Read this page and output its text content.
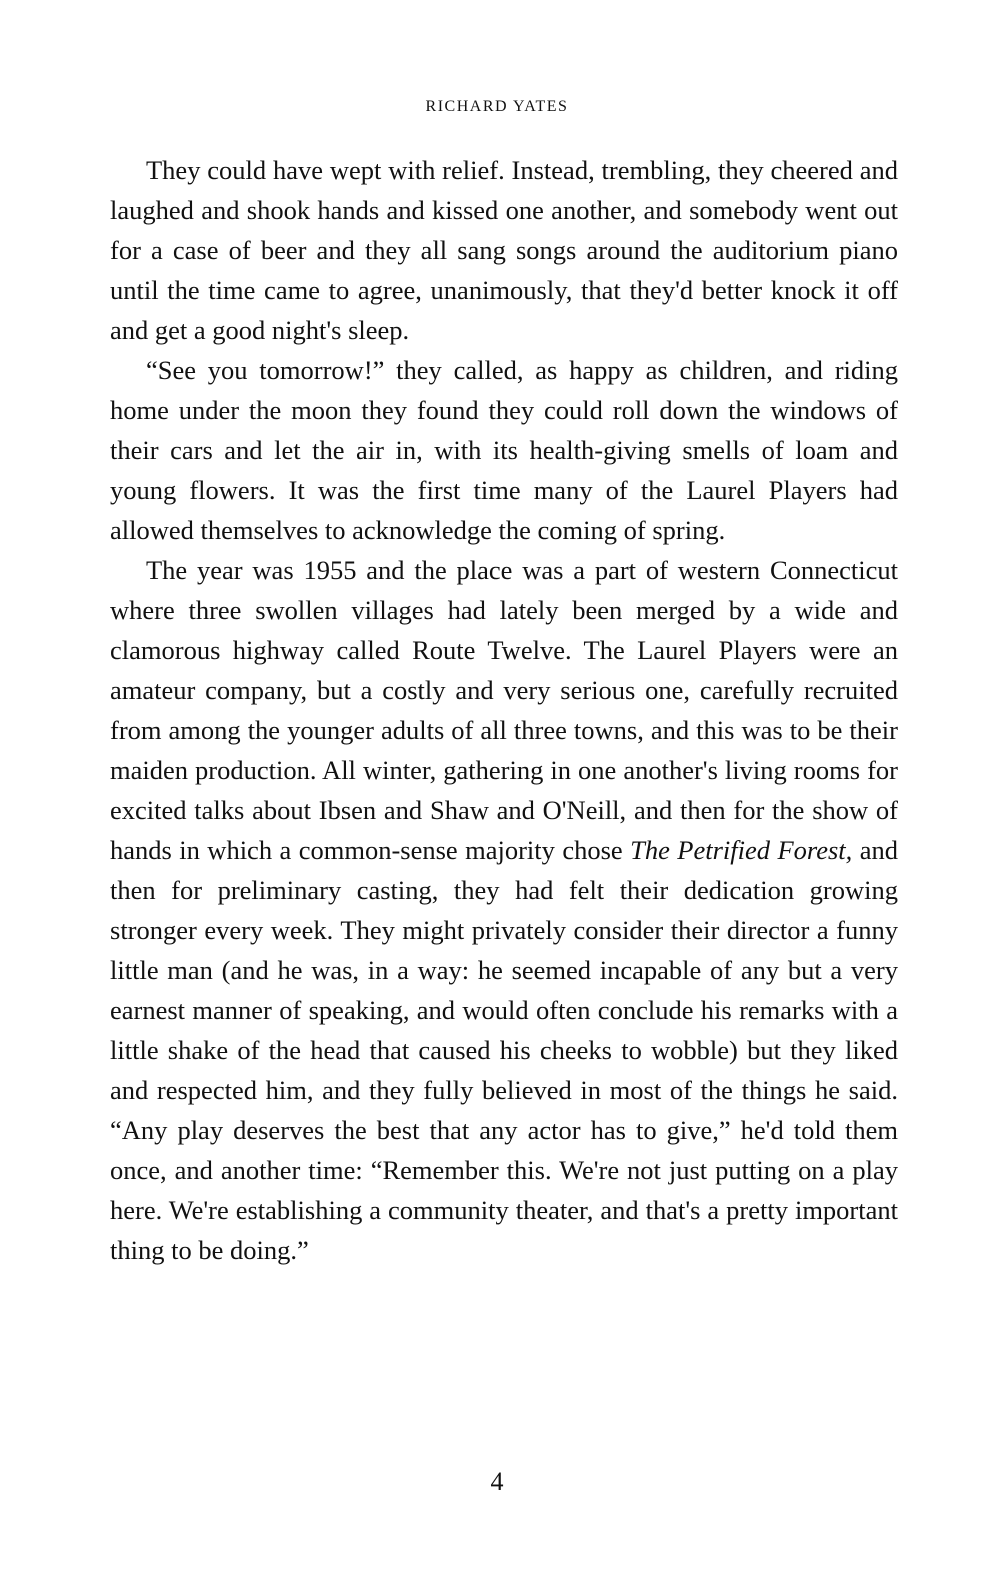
RICHARD YATES

They could have wept with relief. Instead, trembling, they cheered and laughed and shook hands and kissed one another, and somebody went out for a case of beer and they all sang songs around the auditorium piano until the time came to agree, unanimously, that they'd better knock it off and get a good night's sleep.

“See you tomorrow!” they called, as happy as children, and riding home under the moon they found they could roll down the windows of their cars and let the air in, with its health-giving smells of loam and young flowers. It was the first time many of the Laurel Players had allowed themselves to acknowledge the coming of spring.

The year was 1955 and the place was a part of western Connecticut where three swollen villages had lately been merged by a wide and clamorous highway called Route Twelve. The Laurel Players were an amateur company, but a costly and very serious one, carefully recruited from among the younger adults of all three towns, and this was to be their maiden production. All winter, gathering in one another's living rooms for excited talks about Ibsen and Shaw and O'Neill, and then for the show of hands in which a common-sense majority chose The Petrified Forest, and then for preliminary casting, they had felt their dedication growing stronger every week. They might privately consider their director a funny little man (and he was, in a way: he seemed incapable of any but a very earnest manner of speaking, and would often conclude his remarks with a little shake of the head that caused his cheeks to wobble) but they liked and respected him, and they fully believed in most of the things he said. “Any play deserves the best that any actor has to give,” he'd told them once, and another time: “Remember this. We're not just putting on a play here. We're establishing a community theater, and that's a pretty important thing to be doing.”

4
